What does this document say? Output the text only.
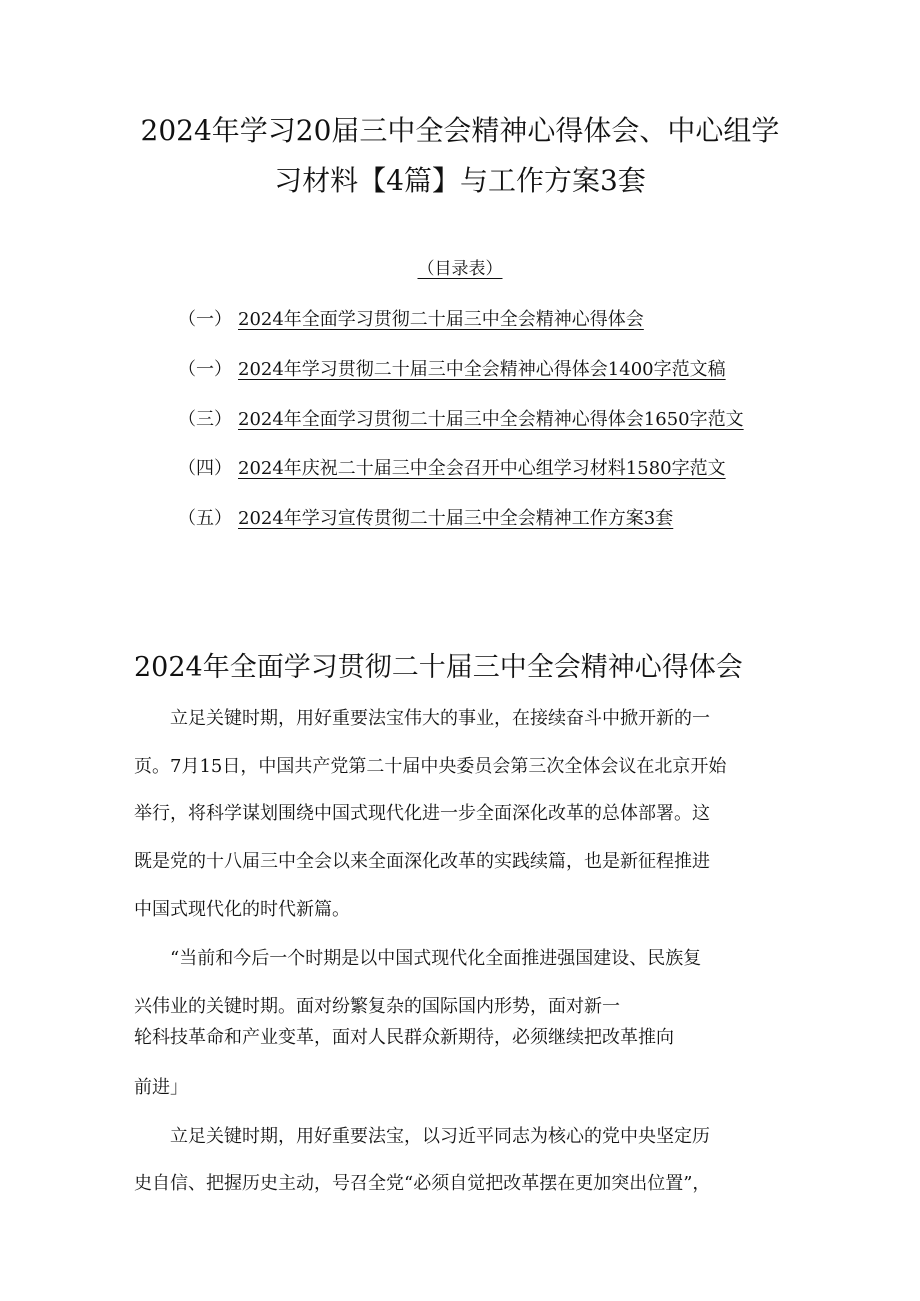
2024年学习20届三中全会精神心得体会、中心组学
习材料【4篇】与工作方案3套
（目录表）
（一） 2024年全面学习贯彻二十届三中全会精神心得体会
（一） 2024年学习贯彻二十届三中全会精神心得体会1400字范文稿
（三） 2024年全面学习贯彻二十届三中全会精神心得体会1650字范文
（四） 2024年庆祝二十届三中全会召开中心组学习材料1580字范文
（五） 2024年学习宣传贯彻二十届三中全会精神工作方案3套
2024年全面学习贯彻二十届三中全会精神心得体会
　　立足关键时期，用好重要法宝伟大的事业，在接续奋斗中掀开新的一
页。7月15日，中国共产党第二十届中央委员会第三次全体会议在北京开始
举行，将科学谋划围绕中国式现代化进一步全面深化改革的总体部署。这
既是党的十八届三中全会以来全面深化改革的实践续篇，也是新征程推进
中国式现代化的时代新篇。
　　“当前和今后一个时期是以中国式现代化全面推进强国建设、民族复
兴伟业的关键时期。面对纷繁复杂的国际国内形势，面对新一
轮科技革命和产业变革，面对人民群众新期待，必须继续把改革推向
前进」
　　立足关键时期，用好重要法宝，以习近平同志为核心的党中央坚定历
史自信、把握历史主动，号召全党“必须自觉把改革摆在更加突出位置”，
